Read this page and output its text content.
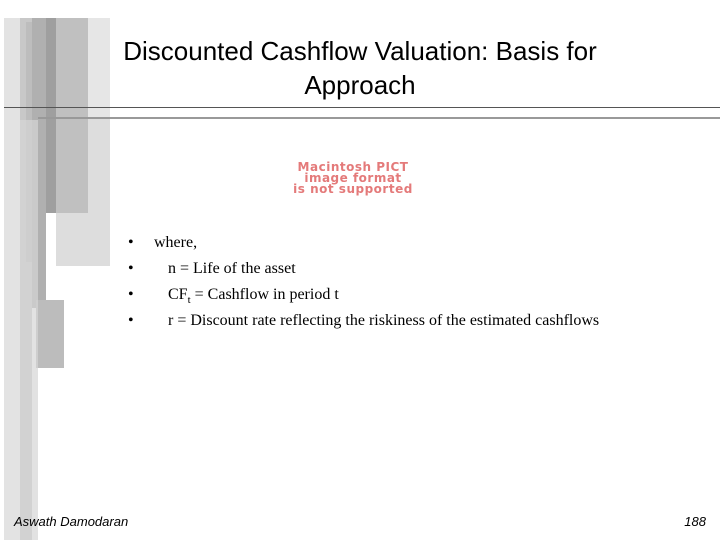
Discounted Cashflow Valuation: Basis for
Approach
Macintosh PICT
image format
is not supported
• where,
• n = Life of the asset
• $CF_t$ = Cashflow in period t
• r = Discount rate reflecting the riskiness of the estimated cashflows
Aswath Damodaran	188
